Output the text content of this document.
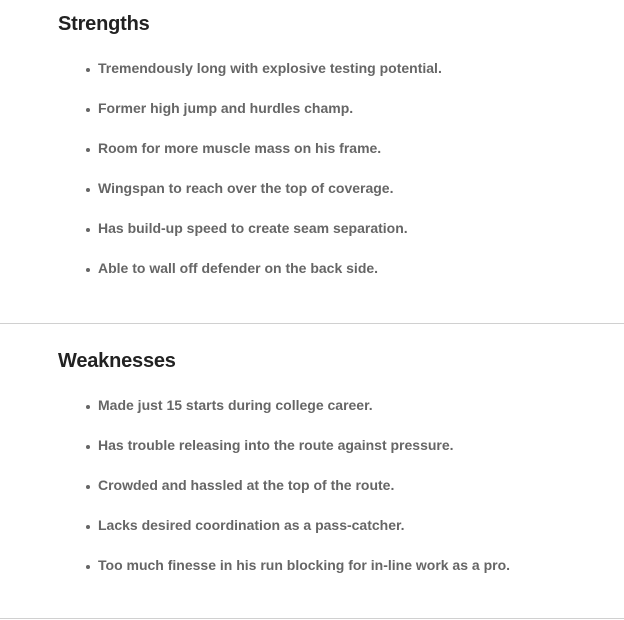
Strengths
Tremendously long with explosive testing potential.
Former high jump and hurdles champ.
Room for more muscle mass on his frame.
Wingspan to reach over the top of coverage.
Has build-up speed to create seam separation.
Able to wall off defender on the back side.
Weaknesses
Made just 15 starts during college career.
Has trouble releasing into the route against pressure.
Crowded and hassled at the top of the route.
Lacks desired coordination as a pass-catcher.
Too much finesse in his run blocking for in-line work as a pro.
